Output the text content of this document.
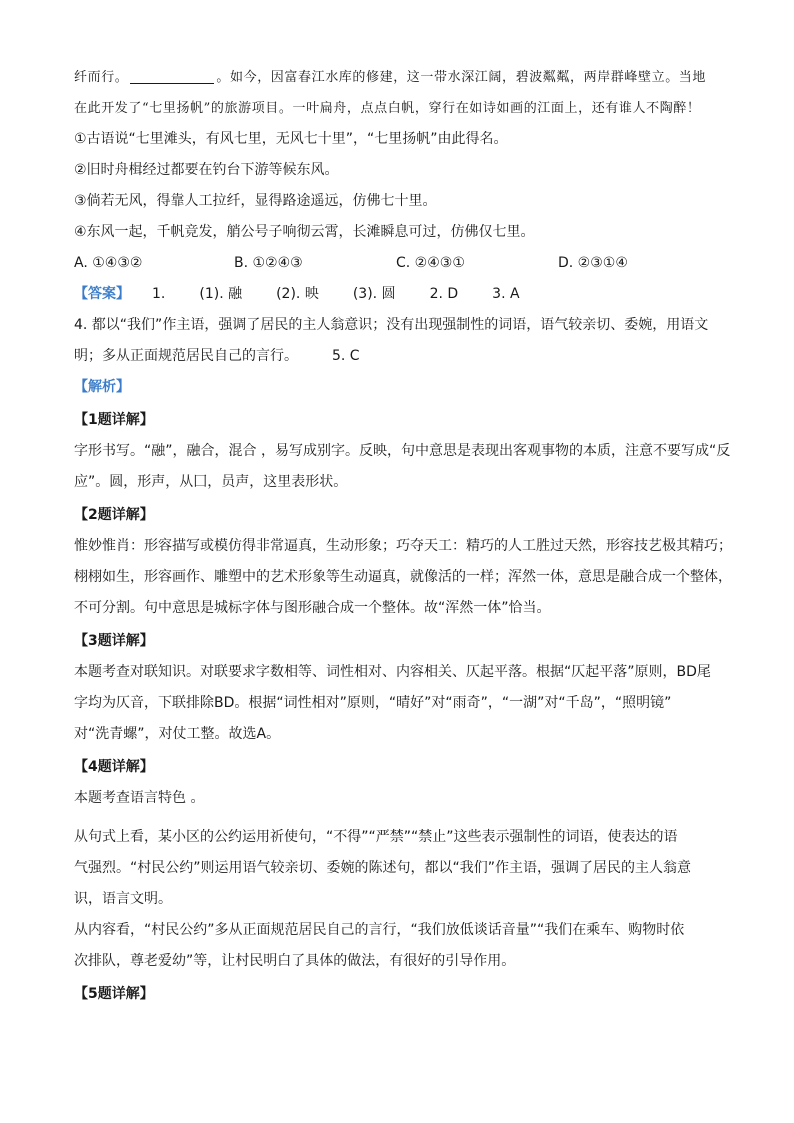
纤而行。	。如今，因富春江水库的修建，这一带水深江阔，碧波粼粼，两岸群峰壁立。当地
在此开发了“七里扬帆”的旅游项目。一叶扁舟，点点白帆，穿行在如诗如画的江面上，还有谁人不陶醉！
①古语说“七里滩头，有风七里，无风七十里”，“七里扬帆”由此得名。
②旧时舟楫经过都要在钓台下游等候东风。
③倘若无风，得靠人工拉纤，显得路途遥远，仿佛七十里。
④东风一起，千帆竞发，艄公号子响彻云霄，长滩瞬息可过，仿佛仅七里。
A. ①④③②	B. ①②④③	C. ②④③①	D. ②③①④
【答案】 1. (1). 融 (2). 映 (3). 圆 2. D 3. A
4. 都以“我们”作主语，强调了居民的主人翁意识；没有出现强制性的词语，语气较亲切、委婉，用语文
明；多从正面规范居民自己的言行。 5. C
【解析】
【1题详解】
字形书写。“融”，融合，混合 ，易写成别字。反映，句中意思是表现出客观事物的本质，注意不要写成“反
应”。圆，形声，从囗，员声，这里表形状。
【2题详解】
惟妙惟肖：形容描写或模仿得非常逼真，生动形象；巧夺天工：精巧的人工胜过天然，形容技艺极其精巧；
栩栩如生，形容画作、雕塑中的艺术形象等生动逼真，就像活的一样；浑然一体，意思是融合成一个整体，
不可分割。句中意思是城标字体与图形融合成一个整体。故“浑然一体”恰当。
【3题详解】
本题考查对联知识。对联要求字数相等、词性相对、内容相关、仄起平落。根据“仄起平落”原则，BD尾
字均为仄音，下联排除BD。根据“词性相对”原则，“晴好”对“雨奇”，“一湖”对“千岛”，“照明镜”
对“洗青螺”，对仗工整。故选A。
【4题详解】
本题考查语言特色 。
从句式上看，某小区的公约运用祈使句，“不得”“严禁”“禁止”这些表示强制性的词语，使表达的语
气强烈。“村民公约”则运用语气较亲切、委婉的陈述句，都以“我们”作主语，强调了居民的主人翁意
识，语言文明。
从内容看，“村民公约”多从正面规范居民自己的言行，“我们放低谈话音量”“我们在乘车、购物时依
次排队，尊老爱幼”等，让村民明白了具体的做法，有很好的引导作用。
【5题详解】
